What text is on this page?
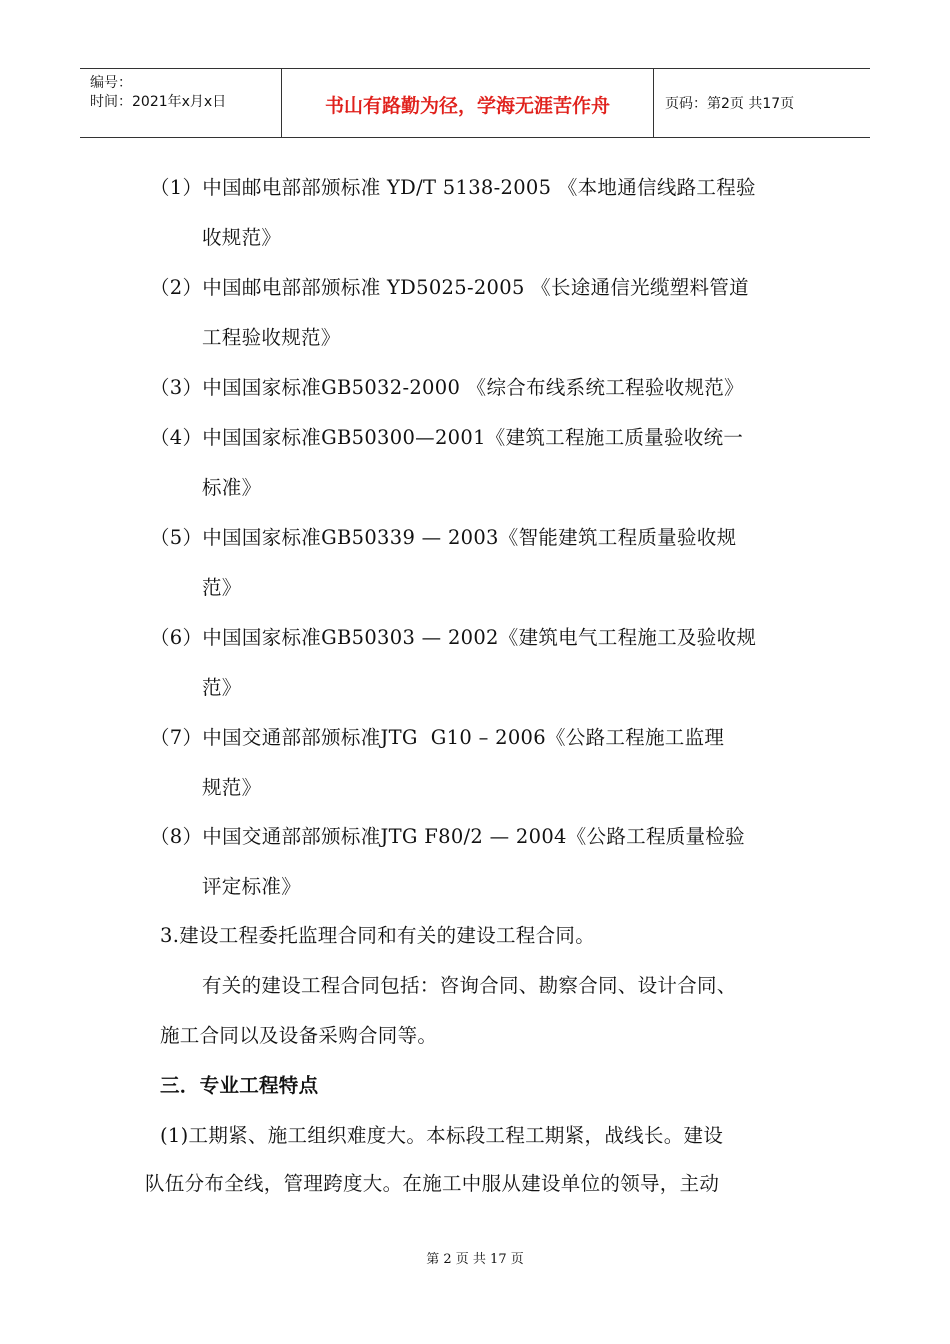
编号：
时间：2021年x月x日	书山有路勤为径，学海无涯苦作舟	页码：第2页 共17页
（1）中国邮电部部颁标准 YD/T 5138-2005 《本地通信线路工程验
收规范》
（2）中国邮电部部颁标准 YD5025-2005 《长途通信光缆塑料管道
工程验收规范》
（3）中国国家标准GB5032-2000 《综合布线系统工程验收规范》
（4）中国国家标准GB50300—2001《建筑工程施工质量验收统一
标准》
（5）中国国家标准GB50339 — 2003《智能建筑工程质量验收规
范》
（6）中国国家标准GB50303 — 2002《建筑电气工程施工及验收规
范》
（7）中国交通部部颁标准JTG  G10 – 2006《公路工程施工监理
规范》
（8）中国交通部部颁标准JTG F80/2 — 2004《公路工程质量检验
评定标准》
3.建设工程委托监理合同和有关的建设工程合同。
有关的建设工程合同包括：咨询合同、勘察合同、设计合同、
施工合同以及设备采购合同等。
三．专业工程特点
(1)工期紧、施工组织难度大。本标段工程工期紧，战线长。建设
队伍分布全线，管理跨度大。在施工中服从建设单位的领导，主动
第 2 页 共 17 页
